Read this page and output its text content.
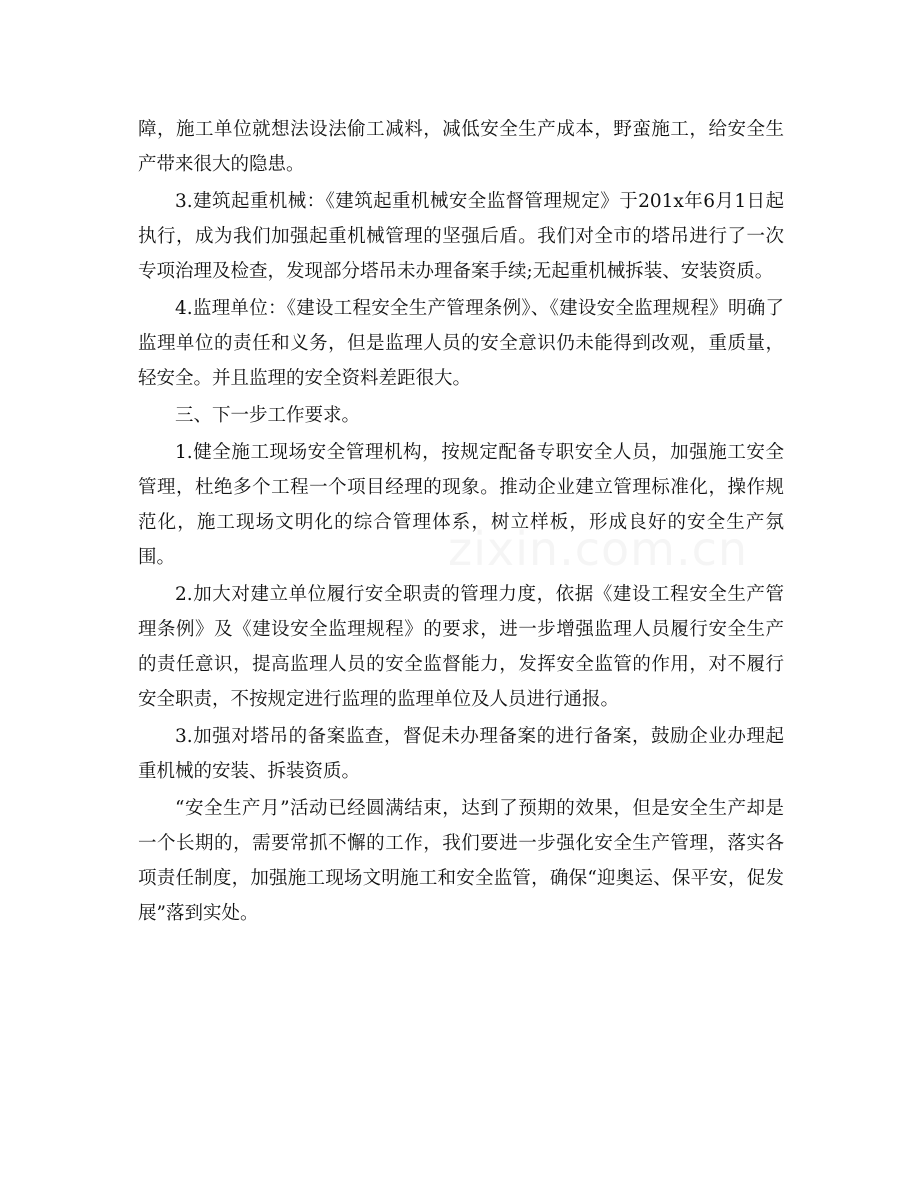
障，施工单位就想法设法偷工减料，减低安全生产成本，野蛮施工，给安全生产带来很大的隐患。

3.建筑起重机械：《建筑起重机械安全监督管理规定》于201x年6月1日起执行，成为我们加强起重机械管理的坚强后盾。我们对全市的塔吊进行了一次专项治理及检查，发现部分塔吊未办理备案手续;无起重机械拆装、安装资质。

4.监理单位：《建设工程安全生产管理条例》、《建设安全监理规程》明确了监理单位的责任和义务，但是监理人员的安全意识仍未能得到改观，重质量，轻安全。并且监理的安全资料差距很大。

三、下一步工作要求。

1.健全施工现场安全管理机构，按规定配备专职安全人员，加强施工安全管理，杜绝多个工程一个项目经理的现象。推动企业建立管理标准化，操作规范化，施工现场文明化的综合管理体系，树立样板，形成良好的安全生产氛围。

2.加大对建立单位履行安全职责的管理力度，依据《建设工程安全生产管理条例》及《建设安全监理规程》的要求，进一步增强监理人员履行安全生产的责任意识，提高监理人员的安全监督能力，发挥安全监管的作用，对不履行安全职责，不按规定进行监理的监理单位及人员进行通报。

3.加强对塔吊的备案监查，督促未办理备案的进行备案，鼓励企业办理起重机械的安装、拆装资质。

“安全生产月”活动已经圆满结束，达到了预期的效果，但是安全生产却是一个长期的，需要常抓不懈的工作，我们要进一步强化安全生产管理，落实各项责任制度，加强施工现场文明施工和安全监管，确保“迎奥运、保平安，促发展”落到实处。

zixin.com.cn
